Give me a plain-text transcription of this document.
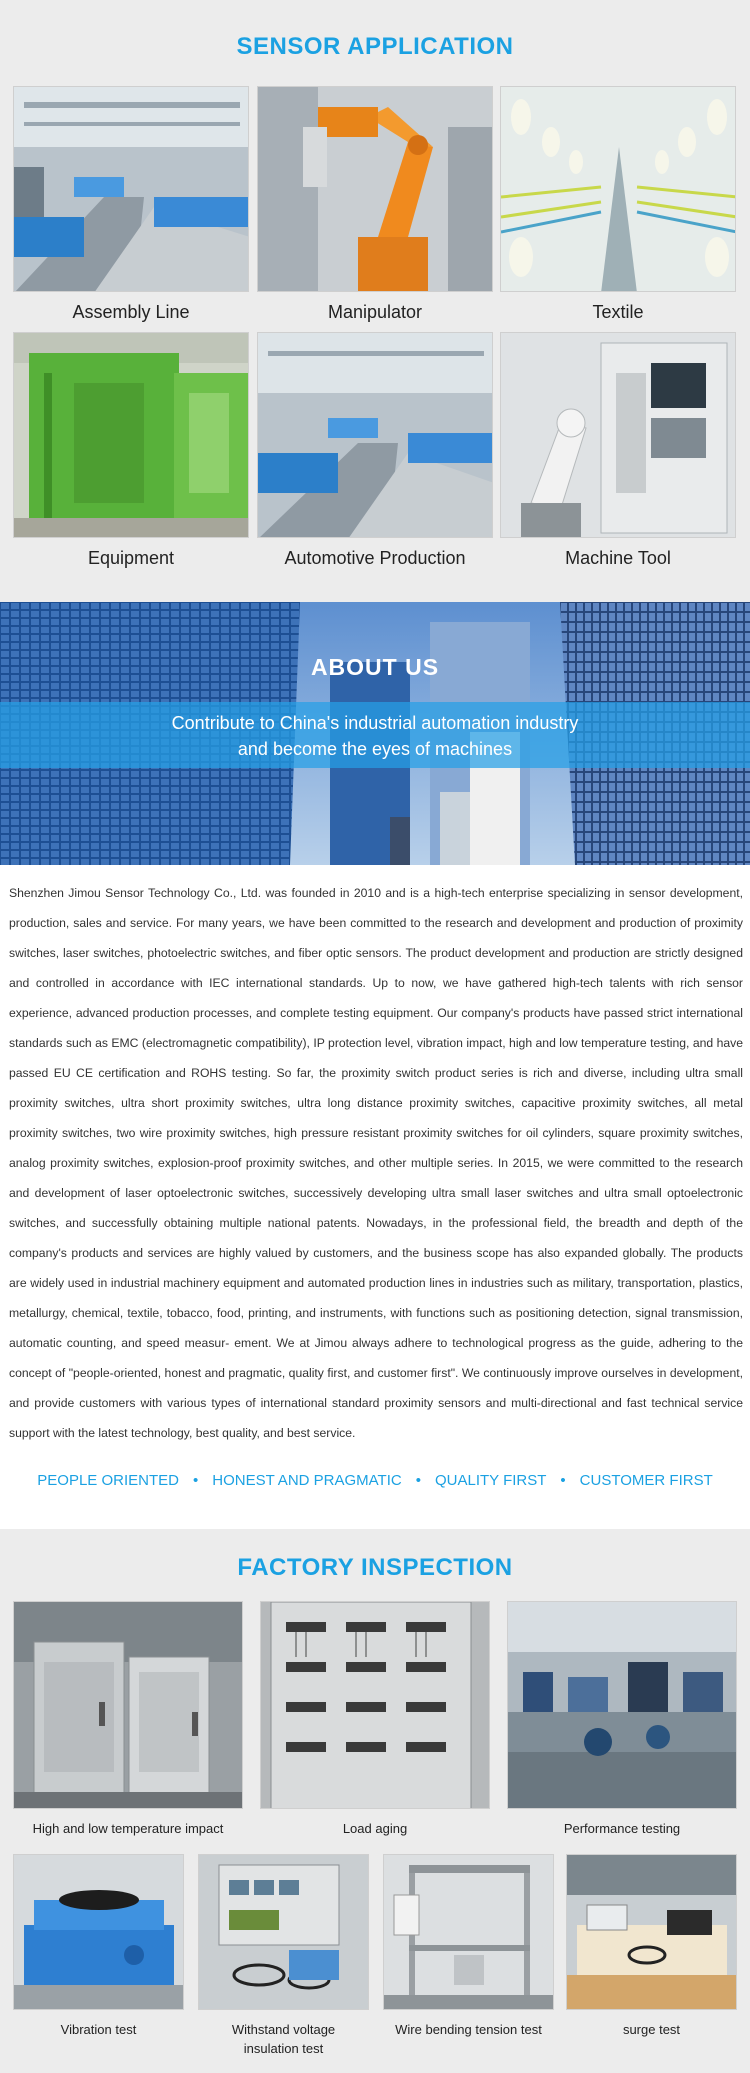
SENSOR APPLICATION
Assembly Line	Manipulator	Textile
Equipment	Automotive Production	Machine Tool
ABOUT US
Contribute to China's industrial automation industry
and become the eyes of machines

Shenzhen Jimou Sensor Technology Co., Ltd. was founded in 2010 and is a high-tech enterprise specializing in sensor development, production, sales and service. For many years, we have been committed to the research and development and production of proximity switches, laser switches, photoelectric switches, and fiber optic sensors. The product development and production are strictly designed and controlled in accordance with IEC international standards. Up to now, we have gathered high-tech talents with rich sensor experience, advanced production processes, and complete testing equipment. Our company's products have passed strict international standards such as EMC (electromagnetic compatibility), IP protection level, vibration impact, high and low temperature testing, and have passed EU CE certification and ROHS testing. So far, the proximity switch product series is rich and diverse, including ultra small proximity switches, ultra short proximity switches, ultra long distance proximity switches, capacitive proximity switches, all metal proximity switches, two wire proximity switches, high pressure resistant proximity switches for oil cylinders, square proximity switches, analog proximity switches, explosion-proof proximity switches, and other multiple series. In 2015, we were committed to the research and development of laser optoelectronic switches, successively developing ultra small laser switches and ultra small optoelectronic switches, and successfully obtaining multiple national patents. Nowadays, in the professional field, the breadth and depth of the company's products and services are highly valued by customers, and the business scope has also expanded globally. The products are widely used in industrial machinery equipment and automated production lines in industries such as military, transportation, plastics, metallurgy, chemical, textile, tobacco, food, printing, and instruments, with functions such as positioning detection, signal transmission, automatic counting, and speed measur- ement. We at Jimou always adhere to technological progress as the guide, adhering to the concept of "people-oriented, honest and pragmatic, quality first, and customer first". We continuously improve ourselves in development, and provide customers with various types of international standard proximity sensors and multi-directional and fast technical service support with the latest technology, best quality, and best service.

PEOPLE ORIENTED • HONEST AND PRAGMATIC • QUALITY FIRST • CUSTOMER FIRST
FACTORY INSPECTION
High and low temperature impact	Load aging	Performance testing
Vibration test	Withstand voltage
insulation test
Wire bending tension test	surge test
